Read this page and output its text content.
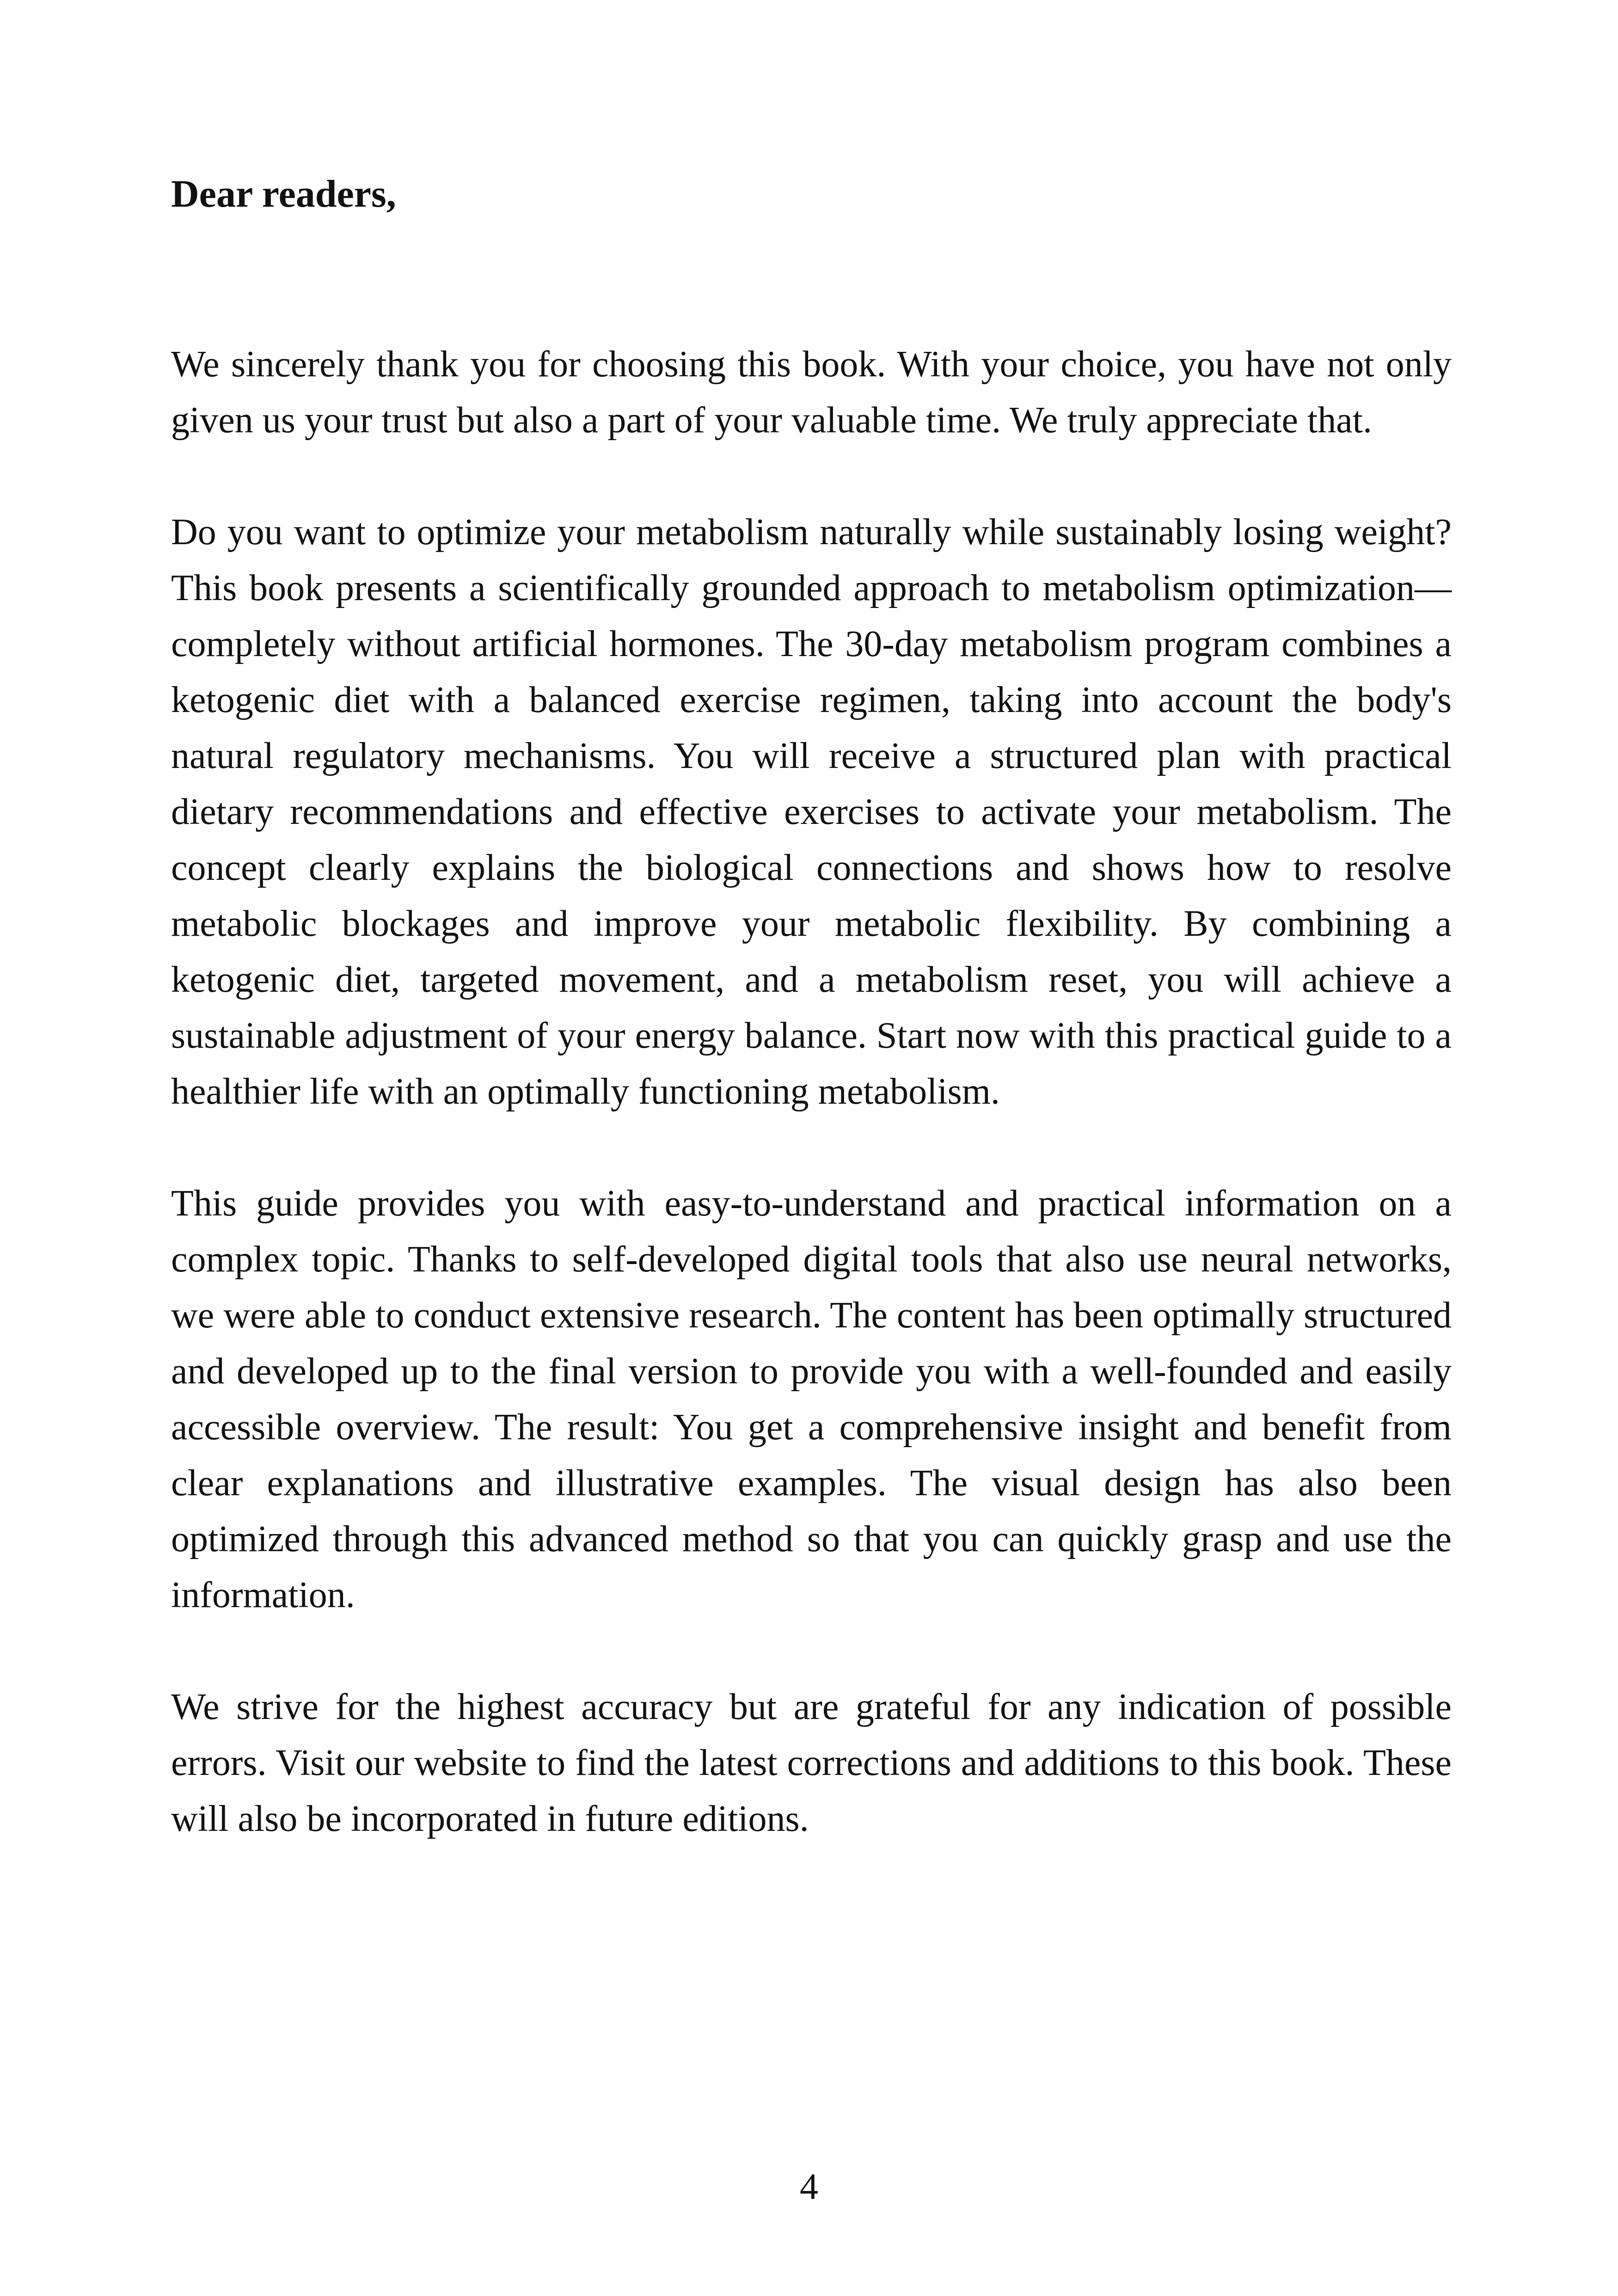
Dear readers,

We sincerely thank you for choosing this book. With your choice, you have not only given us your trust but also a part of your valuable time. We truly appreciate that.

Do you want to optimize your metabolism naturally while sustainably losing weight? This book presents a scientifically grounded approach to metabolism optimization—completely without artificial hormones. The 30-day metabolism program combines a ketogenic diet with a balanced exercise regimen, taking into account the body's natural regulatory mechanisms. You will receive a structured plan with practical dietary recommendations and effective exercises to activate your metabolism. The concept clearly explains the biological connections and shows how to resolve metabolic blockages and improve your metabolic flexibility. By combining a ketogenic diet, targeted movement, and a metabolism reset, you will achieve a sustainable adjustment of your energy balance. Start now with this practical guide to a healthier life with an optimally functioning metabolism.

This guide provides you with easy-to-understand and practical information on a complex topic. Thanks to self-developed digital tools that also use neural networks, we were able to conduct extensive research. The content has been optimally structured and developed up to the final version to provide you with a well-founded and easily accessible overview. The result: You get a comprehensive insight and benefit from clear explanations and illustrative examples. The visual design has also been optimized through this advanced method so that you can quickly grasp and use the information.

We strive for the highest accuracy but are grateful for any indication of possible errors. Visit our website to find the latest corrections and additions to this book. These will also be incorporated in future editions.

4
